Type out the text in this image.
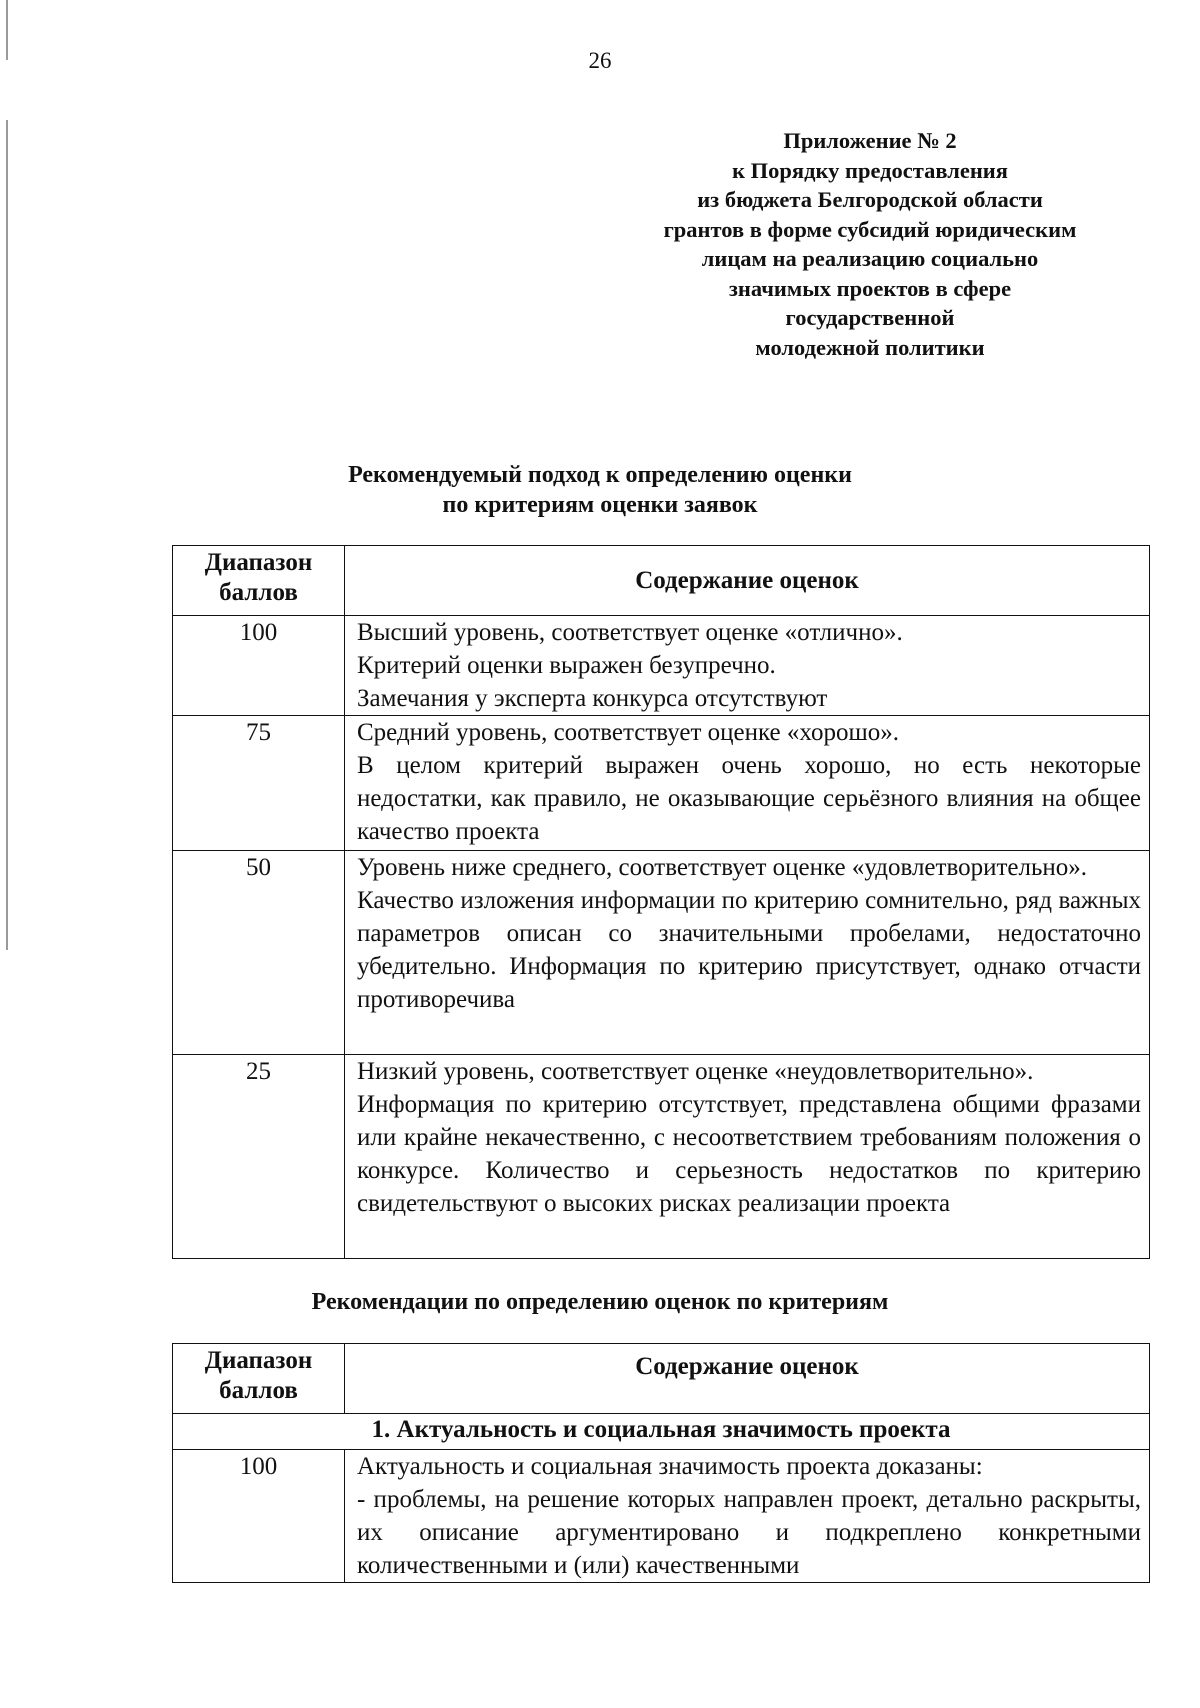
26
Приложение № 2
к Порядку предоставления
из бюджета Белгородской области
грантов в форме субсидий юридическим
лицам на реализацию социально
значимых проектов в сфере
государственной
молодежной политики
Рекомендуемый подход к определению оценки
по критериям оценки заявок
Диапазон баллов	Содержание оценок
100	Высший уровень, соответствует оценке «отлично».
Критерий оценки выражен безупречно.
Замечания у эксперта конкурса отсутствуют

75	Средний уровень, соответствует оценке «хорошо».
В целом критерий выражен очень хорошо, но есть некоторые недостатки, как правило, не оказывающие серьёзного влияния на общее качество проекта

50	Уровень ниже среднего, соответствует оценке «удовлетворительно».
Качество изложения информации по критерию сомнительно, ряд важных параметров описан со значительными пробелами, недостаточно убедительно. Информация по критерию присутствует, однако отчасти противоречива

25	Низкий уровень, соответствует оценке «неудовлетворительно».
Информация по критерию отсутствует, представлена общими фразами или крайне некачественно, с несоответствием требованиям положения о конкурсе. Количество и серьезность недостатков по критерию свидетельствуют о высоких рисках реализации проекта
Рекомендации по определению оценок по критериям
Диапазон баллов	Содержание оценок
1. Актуальность и социальная значимость проекта	
100	Актуальность и социальная значимость проекта доказаны:
- проблемы, на решение которых направлен проект, детально раскрыты, их описание аргументировано и подкреплено конкретными количественными и (или) качественными
